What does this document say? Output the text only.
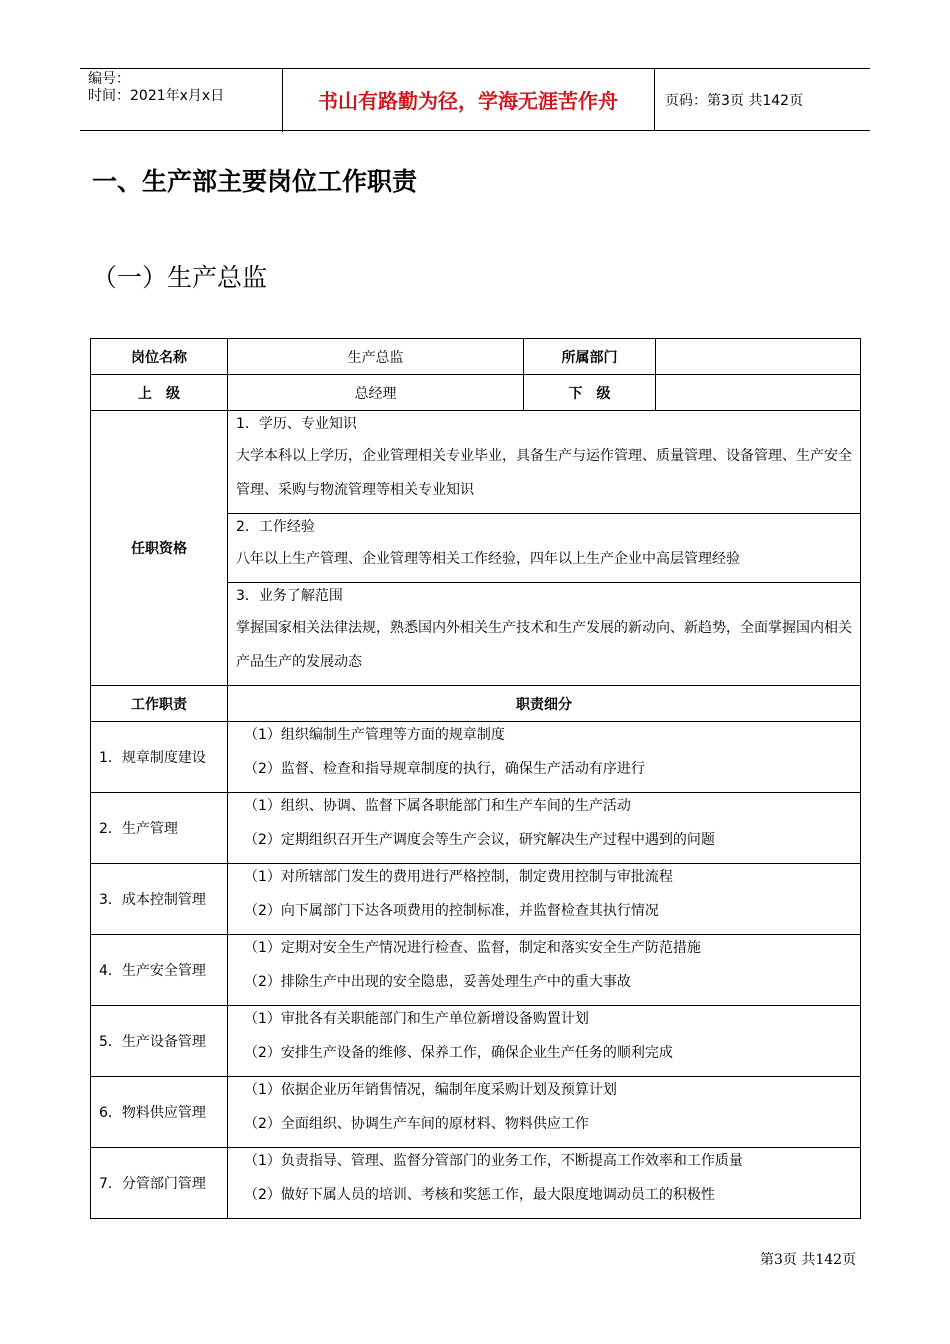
编号：
时间：2021年x月x日	书山有路勤为径，学海无涯苦作舟	页码：第3页 共142页
一、生产部主要岗位工作职责
（一）生产总监
岗位名称	生产总监	所属部门	
上　级	总经理	下　级	
任职资格	1．学历、专业知识
大学本科以上学历，企业管理相关专业毕业，具备生产与运作管理、质量管理、设备管理、生产安全
管理、采购与物流管理等相关专业知识		

	2．工作经验
八年以上生产管理、企业管理等相关工作经验，四年以上生产企业中高层管理经验		

	3．业务了解范围
掌握国家相关法律法规，熟悉国内外相关生产技术和生产发展的新动向、新趋势，全面掌握国内相关
产品生产的发展动态		

工作职责	职责细分		
1．规章制度建设	（1）组织编制生产管理等方面的规章制度
（2）监督、检查和指导规章制度的执行，确保生产活动有序进行		

2．生产管理	（1）组织、协调、监督下属各职能部门和生产车间的生产活动
（2）定期组织召开生产调度会等生产会议，研究解决生产过程中遇到的问题		

3．成本控制管理	（1）对所辖部门发生的费用进行严格控制，制定费用控制与审批流程
（2）向下属部门下达各项费用的控制标准，并监督检查其执行情况		

4．生产安全管理	（1）定期对安全生产情况进行检查、监督，制定和落实安全生产防范措施
（2）排除生产中出现的安全隐患，妥善处理生产中的重大事故		

5．生产设备管理	（1）审批各有关职能部门和生产单位新增设备购置计划
（2）安排生产设备的维修、保养工作，确保企业生产任务的顺利完成		

6．物料供应管理	（1）依据企业历年销售情况，编制年度采购计划及预算计划
（2）全面组织、协调生产车间的原材料、物料供应工作		

7．分管部门管理	（1）负责指导、管理、监督分管部门的业务工作，不断提高工作效率和工作质量
（2）做好下属人员的培训、考核和奖惩工作，最大限度地调动员工的积极性		
第3页 共142页
